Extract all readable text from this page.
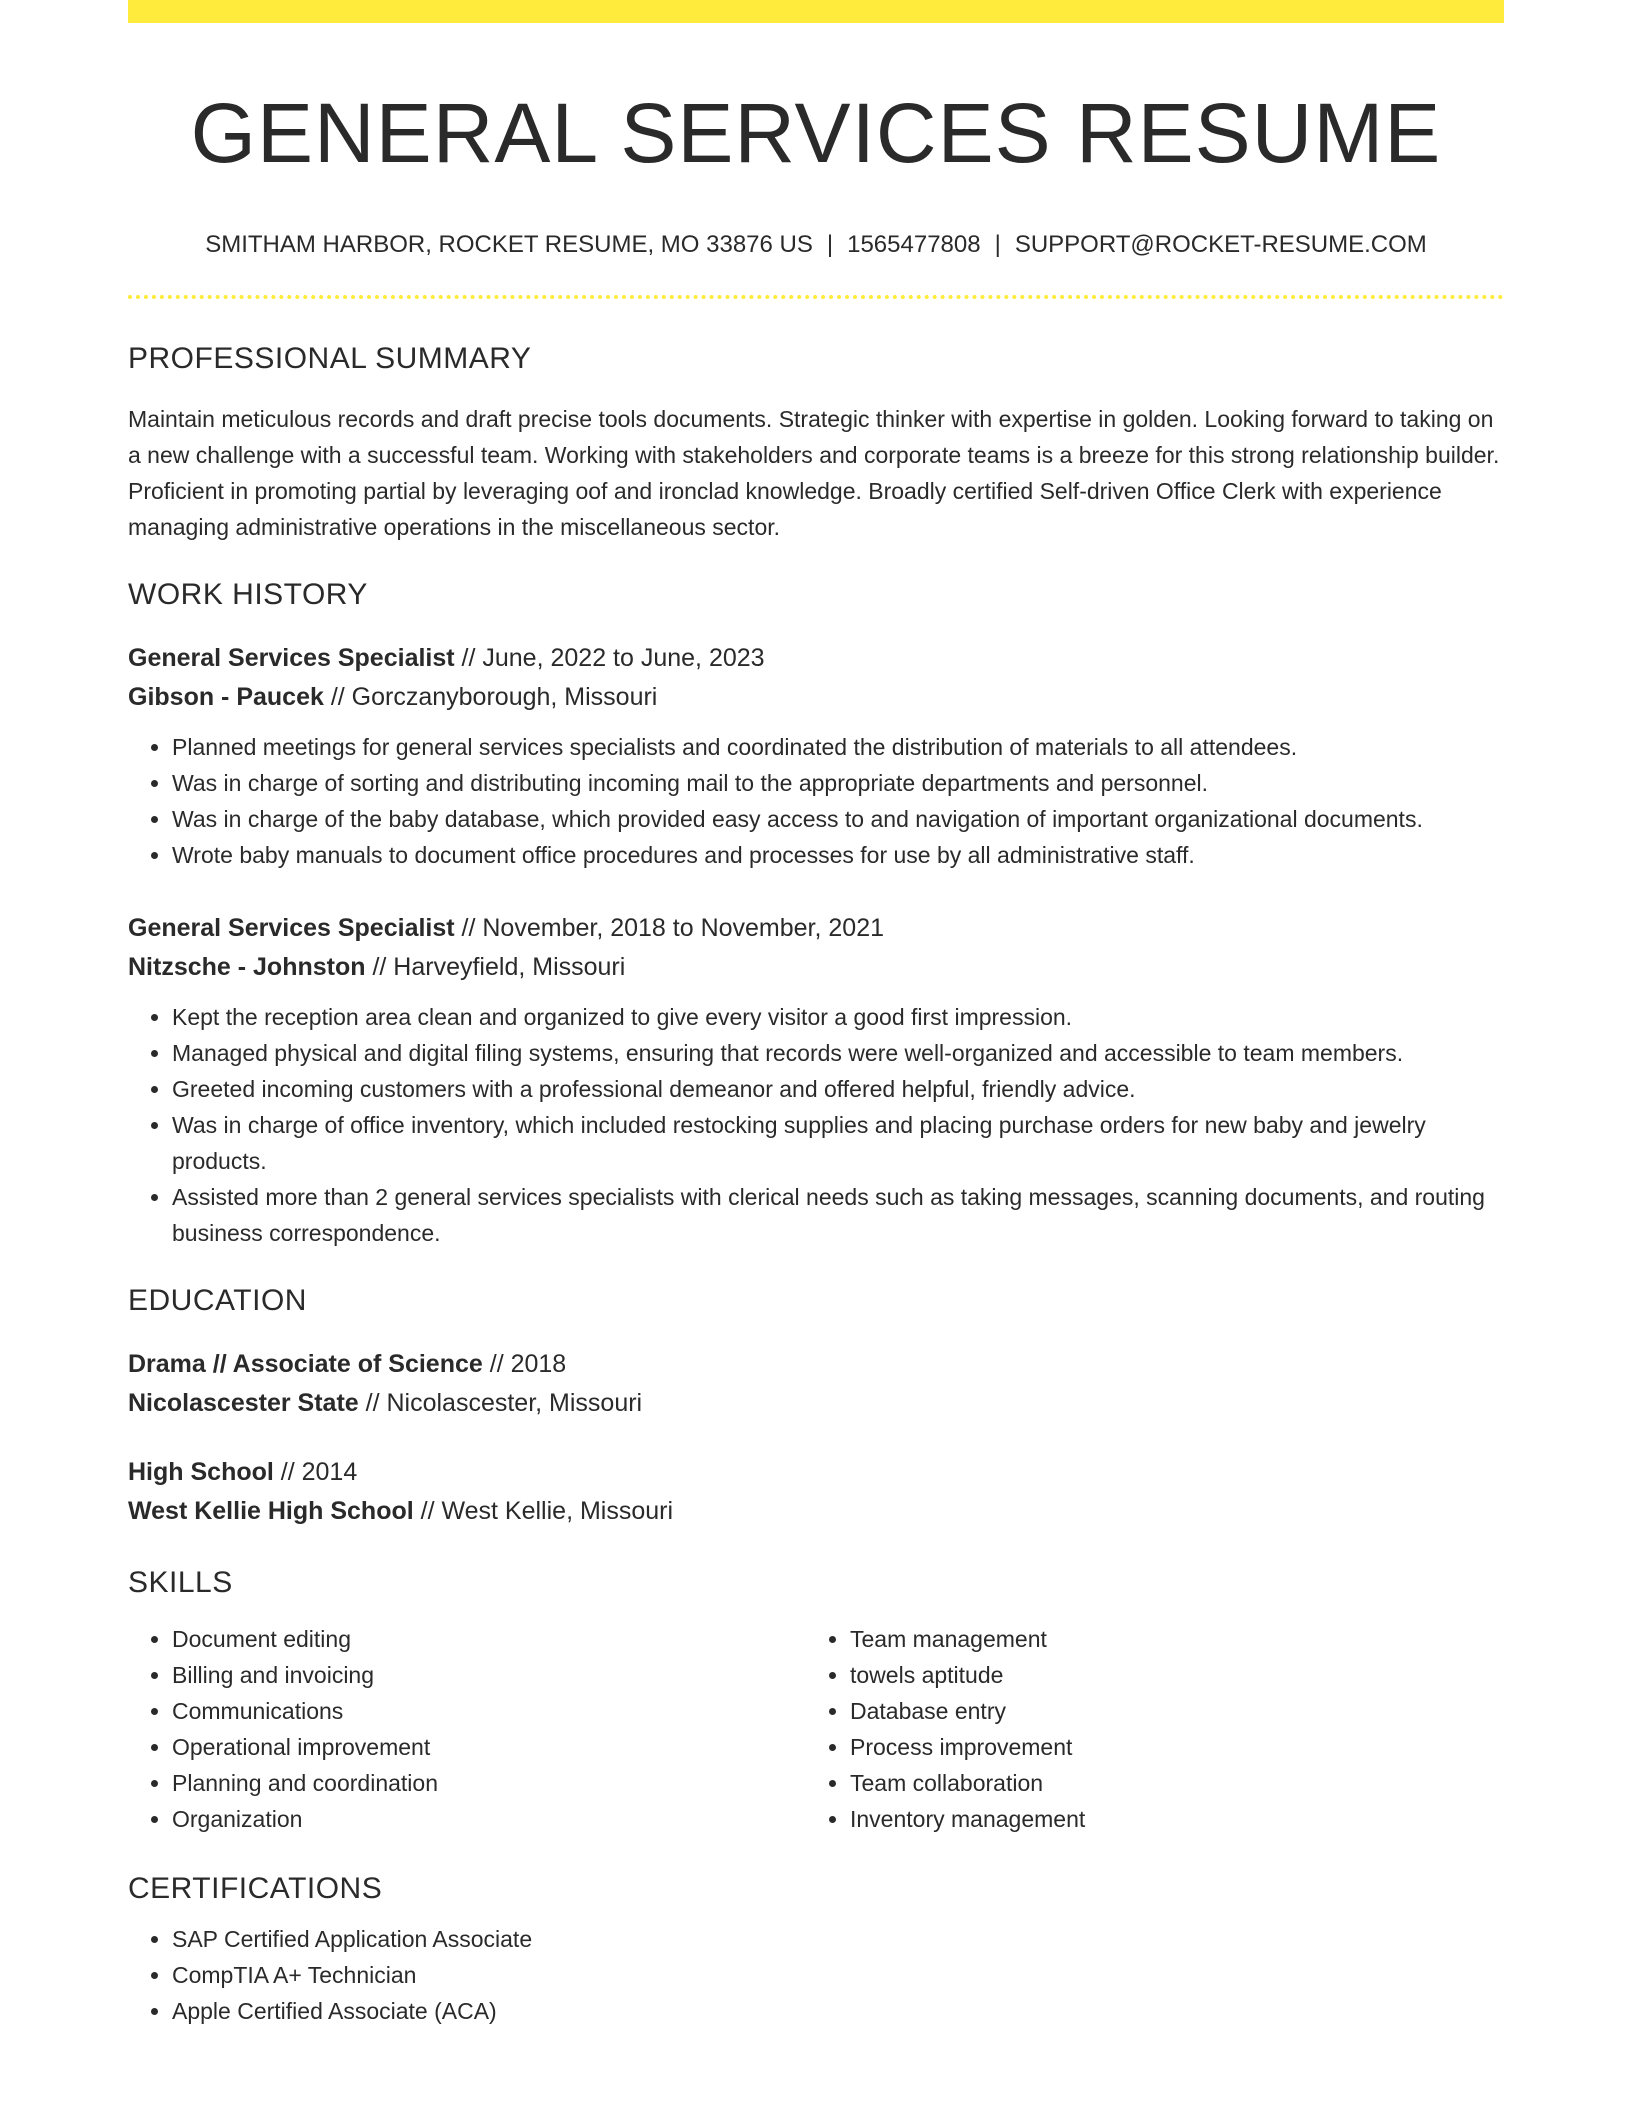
GENERAL SERVICES RESUME
SMITHAM HARBOR, ROCKET RESUME, MO 33876 US | 1565477808 | SUPPORT@ROCKET-RESUME.COM
PROFESSIONAL SUMMARY

Maintain meticulous records and draft precise tools documents. Strategic thinker with expertise in golden. Looking forward to taking on a new challenge with a successful team. Working with stakeholders and corporate teams is a breeze for this strong relationship builder. Proficient in promoting partial by leveraging oof and ironclad knowledge. Broadly certified Self-driven Office Clerk with experience managing administrative operations in the miscellaneous sector.

WORK HISTORY
General Services Specialist // June, 2022 to June, 2023
Gibson - Paucek // Gorczanyborough, Missouri
• Planned meetings for general services specialists and coordinated the distribution of materials to all attendees.
• Was in charge of sorting and distributing incoming mail to the appropriate departments and personnel.
• Was in charge of the baby database, which provided easy access to and navigation of important organizational documents.
• Wrote baby manuals to document office procedures and processes for use by all administrative staff.
General Services Specialist // November, 2018 to November, 2021
Nitzsche - Johnston // Harveyfield, Missouri
• Kept the reception area clean and organized to give every visitor a good first impression.
• Managed physical and digital filing systems, ensuring that records were well-organized and accessible to team members.
• Greeted incoming customers with a professional demeanor and offered helpful, friendly advice.
• Was in charge of office inventory, which included restocking supplies and placing purchase orders for new baby and jewelry products.
• Assisted more than 2 general services specialists with clerical needs such as taking messages, scanning documents, and routing business correspondence.
EDUCATION
Drama // Associate of Science // 2018
Nicolascester State // Nicolascester, Missouri
High School // 2014
West Kellie High School // West Kellie, Missouri
SKILLS
• Document editing
• Billing and invoicing
• Communications
• Operational improvement
• Planning and coordination
• Organization
• Team management
• towels aptitude
• Database entry
• Process improvement
• Team collaboration
• Inventory management
CERTIFICATIONS
• SAP Certified Application Associate
• CompTIA A+ Technician
• Apple Certified Associate (ACA)
